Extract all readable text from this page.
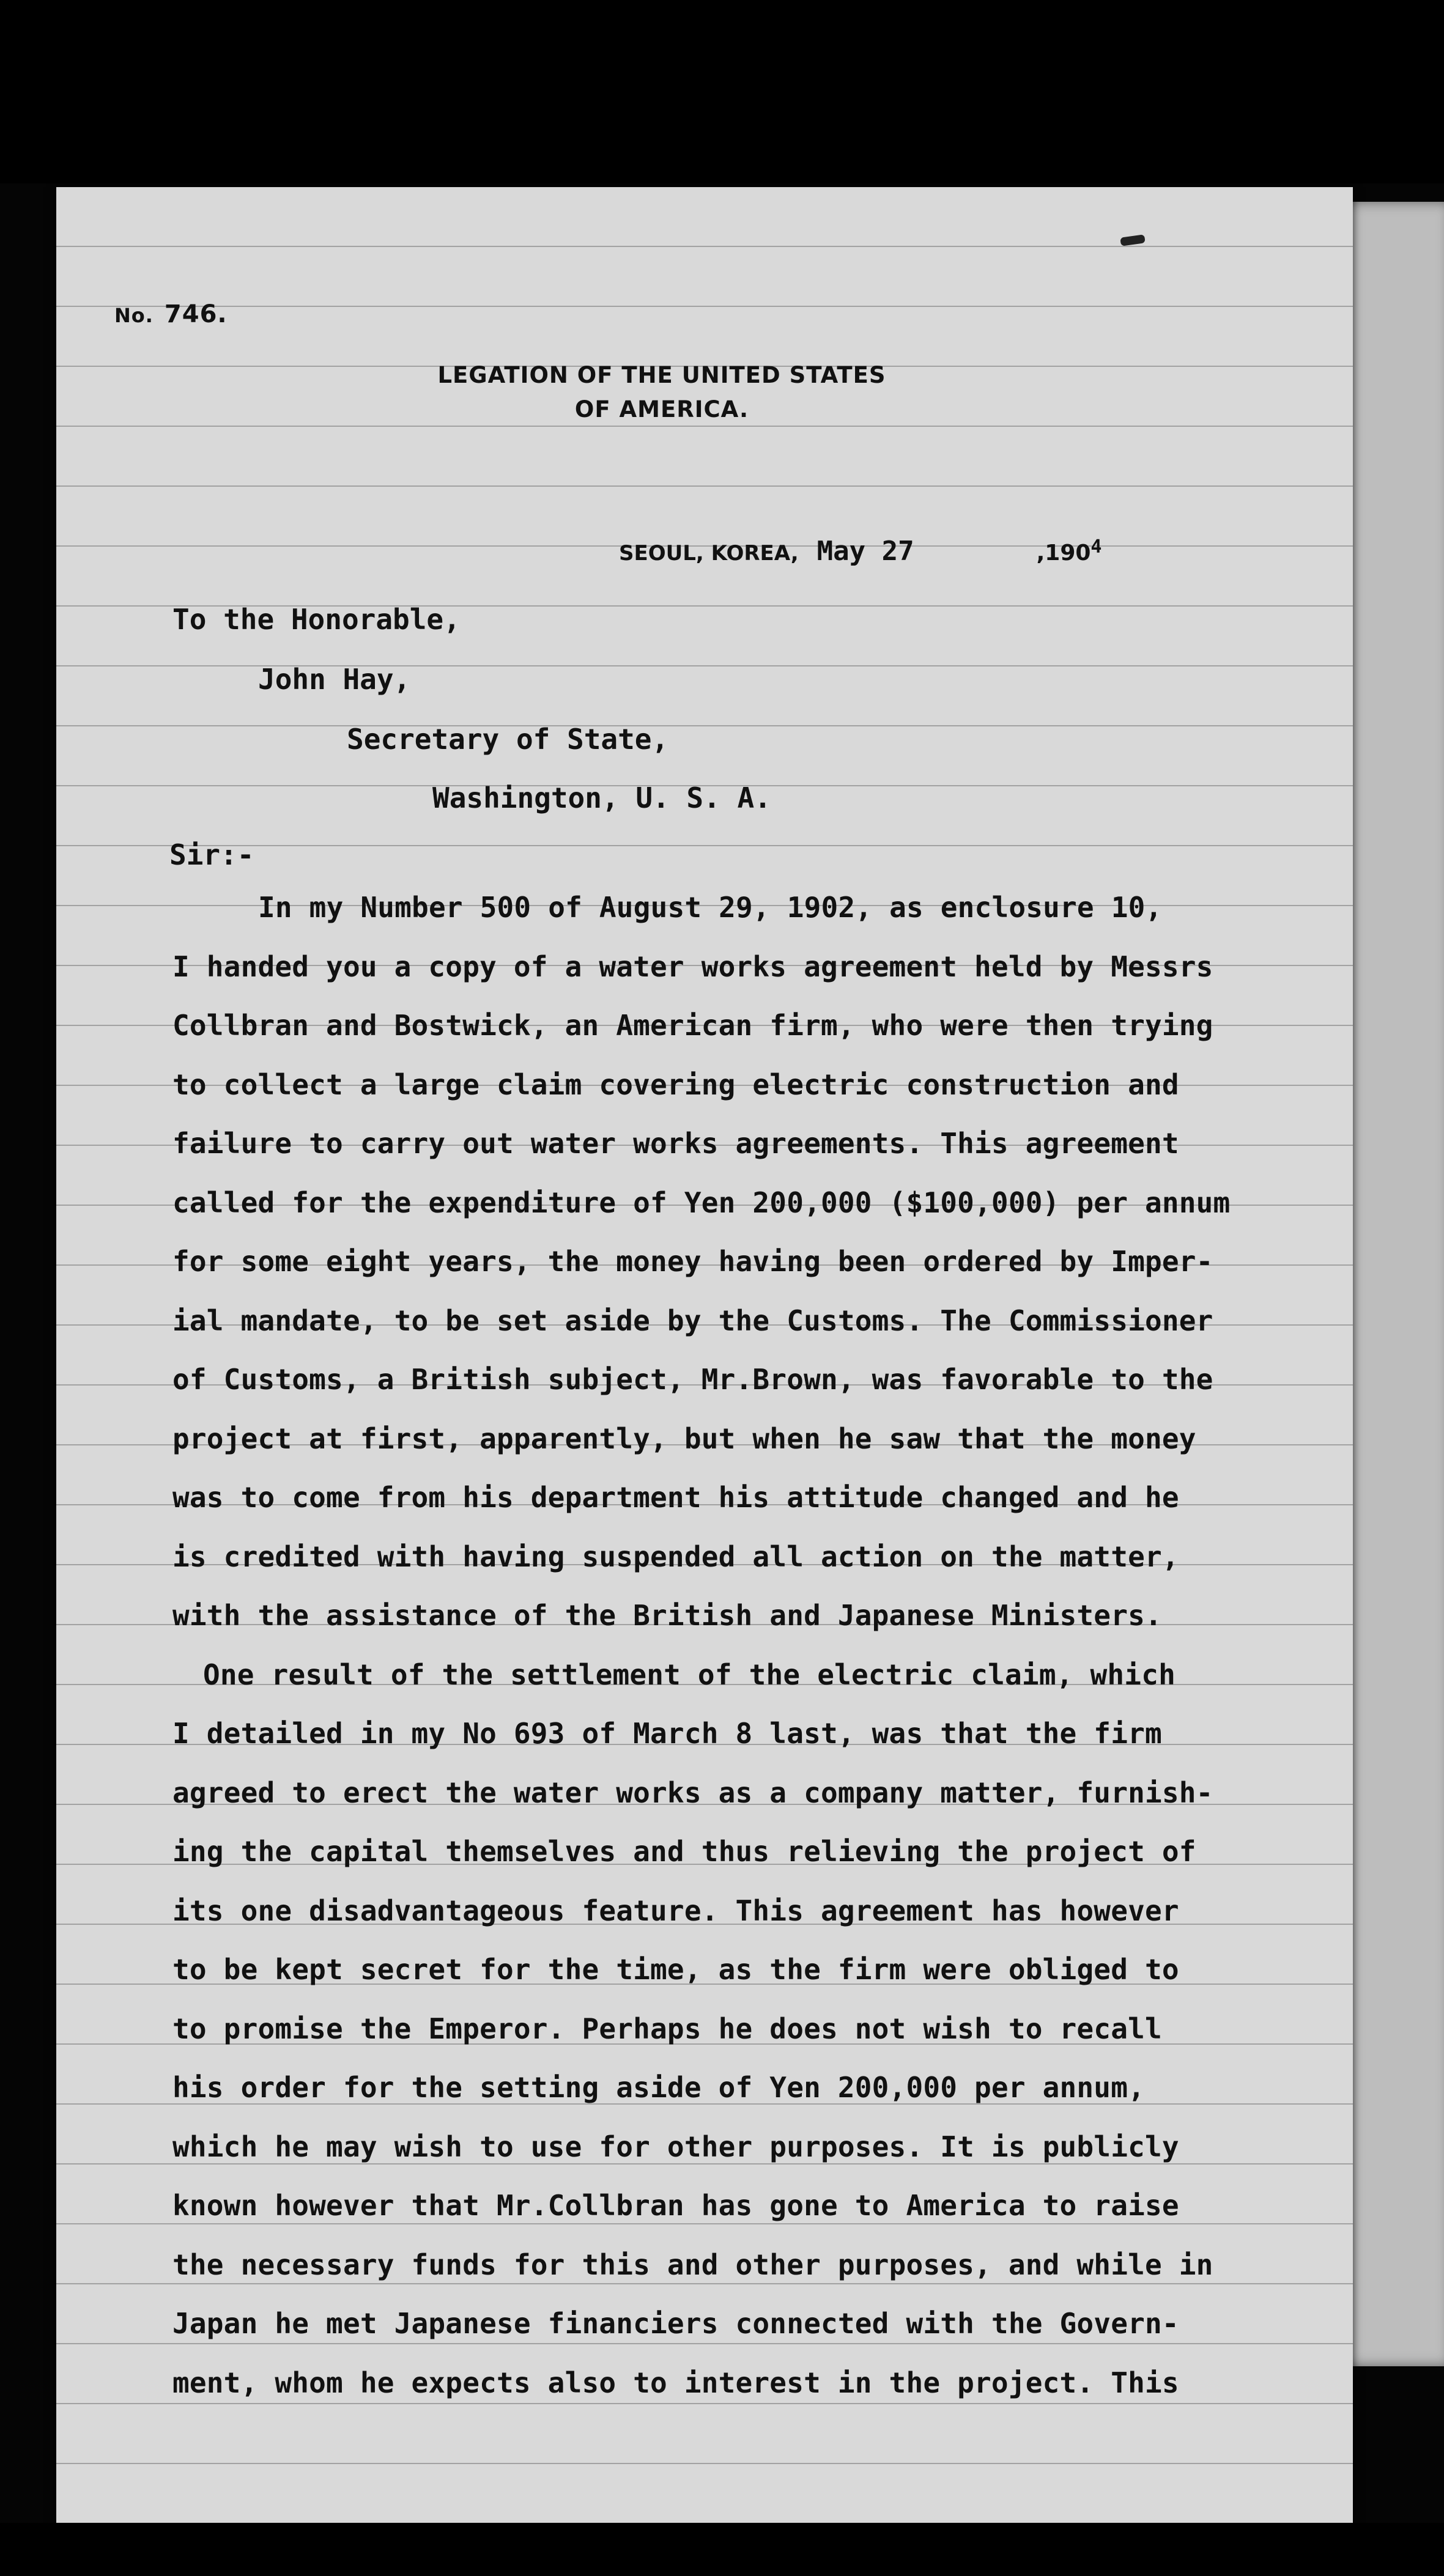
No. 746.
LEGATION OF THE UNITED STATES
OF AMERICA.
SEOUL, KOREA, May 27	,190$^4$
To the Honorable,
John Hay,
Secretary of State,
Washington, U. S. A.
Sir:-
In my Number 500 of August 29, 1902, as enclosure 10,
I handed you a copy of a water works agreement held by Messrs
Collbran and Bostwick, an American firm, who were then trying
to collect a large claim covering electric construction and
failure to carry out water works agreements. This agreement
called for the expenditure of Yen 200,000 ($100,000) per annum
for some eight years, the money having been ordered by Imper-
ial mandate, to be set aside by the Customs. The Commissioner
of Customs, a British subject, Mr.Brown, was favorable to the
project at first, apparently, but when he saw that the money
was to come from his department his attitude changed and he
is credited with having suspended all action on the matter,
with the assistance of the British and Japanese Ministers.
One result of the settlement of the electric claim, which
I detailed in my No 693 of March 8 last, was that the firm
agreed to erect the water works as a company matter, furnish-
ing the capital themselves and thus relieving the project of
its one disadvantageous feature. This agreement has however
to be kept secret for the time, as the firm were obliged to
to promise the Emperor. Perhaps he does not wish to recall
his order for the setting aside of Yen 200,000 per annum,
which he may wish to use for other purposes. It is publicly
known however that Mr.Collbran has gone to America to raise
the necessary funds for this and other purposes, and while in
Japan he met Japanese financiers connected with the Govern-
ment, whom he expects also to interest in the project. This
